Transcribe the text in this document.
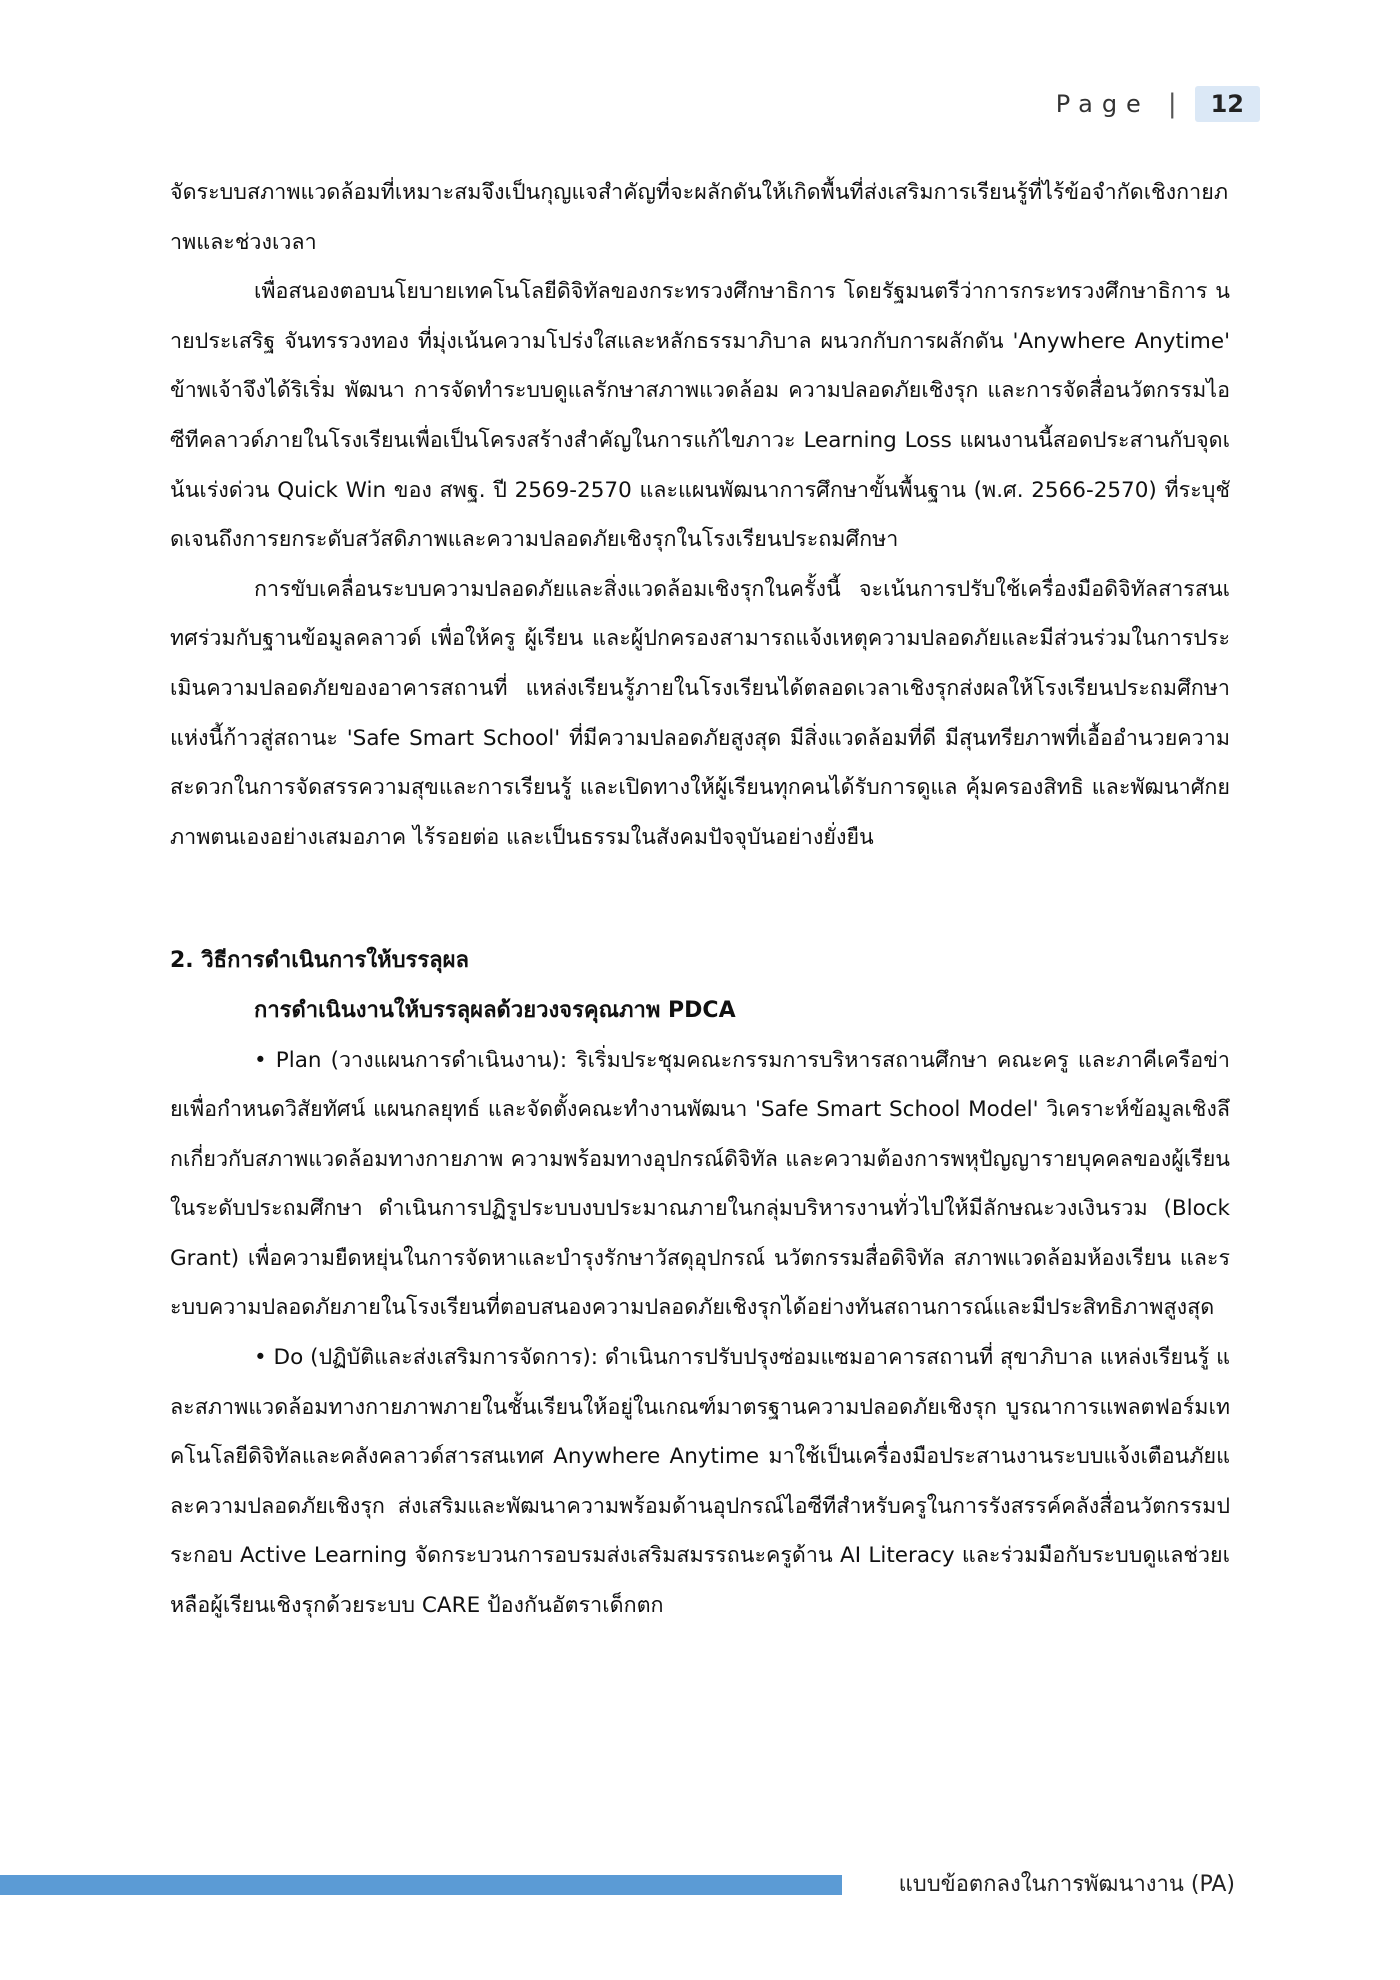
Page |	12

จัดระบบสภาพแวดล้อมที่เหมาะสมจึงเป็นกุญแจสำคัญที่จะผลักดันให้เกิดพื้นที่ส่งเสริมการเรียนรู้ที่ไร้ข้อจำกัดเชิงกายภาพและช่วงเวลา

เพื่อสนองตอบนโยบายเทคโนโลยีดิจิทัลของกระทรวงศึกษาธิการ โดยรัฐมนตรีว่าการกระทรวงศึกษาธิการ นายประเสริฐ จันทรรวงทอง ที่มุ่งเน้นความโปร่งใสและหลักธรรมาภิบาล ผนวกกับการผลักดัน 'Anywhere Anytime' ข้าพเจ้าจึงได้ริเริ่ม พัฒนา การจัดทำระบบดูแลรักษาสภาพแวดล้อม ความปลอดภัยเชิงรุก และการจัดสื่อนวัตกรรมไอซีทีคลาวด์ภายในโรงเรียนเพื่อเป็นโครงสร้างสำคัญในการแก้ไขภาวะ Learning Loss แผนงานนี้สอดประสานกับจุดเน้นเร่งด่วน Quick Win ของ สพฐ. ปี 2569-2570 และแผนพัฒนาการศึกษาขั้นพื้นฐาน (พ.ศ. 2566-2570) ที่ระบุชัดเจนถึงการยกระดับสวัสดิภาพและความปลอดภัยเชิงรุกในโรงเรียนประถมศึกษา

การขับเคลื่อนระบบความปลอดภัยและสิ่งแวดล้อมเชิงรุกในครั้งนี้ จะเน้นการปรับใช้เครื่องมือดิจิทัลสารสนเทศร่วมกับฐานข้อมูลคลาวด์ เพื่อให้ครู ผู้เรียน และผู้ปกครองสามารถแจ้งเหตุความปลอดภัยและมีส่วนร่วมในการประเมินความปลอดภัยของอาคารสถานที่ แหล่งเรียนรู้ภายในโรงเรียนได้ตลอดเวลาเชิงรุกส่งผลให้โรงเรียนประถมศึกษาแห่งนี้ก้าวสู่สถานะ 'Safe Smart School' ที่มีความปลอดภัยสูงสุด มีสิ่งแวดล้อมที่ดี มีสุนทรียภาพที่เอื้ออำนวยความสะดวกในการจัดสรรความสุขและการเรียนรู้ และเปิดทางให้ผู้เรียนทุกคนได้รับการดูแล คุ้มครองสิทธิ และพัฒนาศักยภาพตนเองอย่างเสมอภาค ไร้รอยต่อ และเป็นธรรมในสังคมปัจจุบันอย่างยั่งยืน

2. วิธีการดำเนินการให้บรรลุผล
การดำเนินงานให้บรรลุผลด้วยวงจรคุณภาพ PDCA

• Plan (วางแผนการดำเนินงาน): ริเริ่มประชุมคณะกรรมการบริหารสถานศึกษา คณะครู และภาคีเครือข่ายเพื่อกำหนดวิสัยทัศน์ แผนกลยุทธ์ และจัดตั้งคณะทำงานพัฒนา 'Safe Smart School Model' วิเคราะห์ข้อมูลเชิงลึกเกี่ยวกับสภาพแวดล้อมทางกายภาพ ความพร้อมทางอุปกรณ์ดิจิทัล และความต้องการพหุปัญญารายบุคคลของผู้เรียนในระดับประถมศึกษา ดำเนินการปฏิรูประบบงบประมาณภายในกลุ่มบริหารงานทั่วไปให้มีลักษณะวงเงินรวม (Block Grant) เพื่อความยืดหยุ่นในการจัดหาและบำรุงรักษาวัสดุอุปกรณ์ นวัตกรรมสื่อดิจิทัล สภาพแวดล้อมห้องเรียน และระบบความปลอดภัยภายในโรงเรียนที่ตอบสนองความปลอดภัยเชิงรุกได้อย่างทันสถานการณ์และมีประสิทธิภาพสูงสุด

• Do (ปฏิบัติและส่งเสริมการจัดการ): ดำเนินการปรับปรุงซ่อมแซมอาคารสถานที่ สุขาภิบาล แหล่งเรียนรู้ และสภาพแวดล้อมทางกายภาพภายในชั้นเรียนให้อยู่ในเกณฑ์มาตรฐานความปลอดภัยเชิงรุก บูรณาการแพลตฟอร์มเทคโนโลยีดิจิทัลและคลังคลาวด์สารสนเทศ Anywhere Anytime มาใช้เป็นเครื่องมือประสานงานระบบแจ้งเตือนภัยและความปลอดภัยเชิงรุก ส่งเสริมและพัฒนาความพร้อมด้านอุปกรณ์ไอซีทีสำหรับครูในการรังสรรค์คลังสื่อนวัตกรรมประกอบ Active Learning จัดกระบวนการอบรมส่งเสริมสมรรถนะครูด้าน AI Literacy และร่วมมือกับระบบดูแลช่วยเหลือผู้เรียนเชิงรุกด้วยระบบ CARE ป้องกันอัตราเด็กตก

แบบข้อตกลงในการพัฒนางาน (PA)
